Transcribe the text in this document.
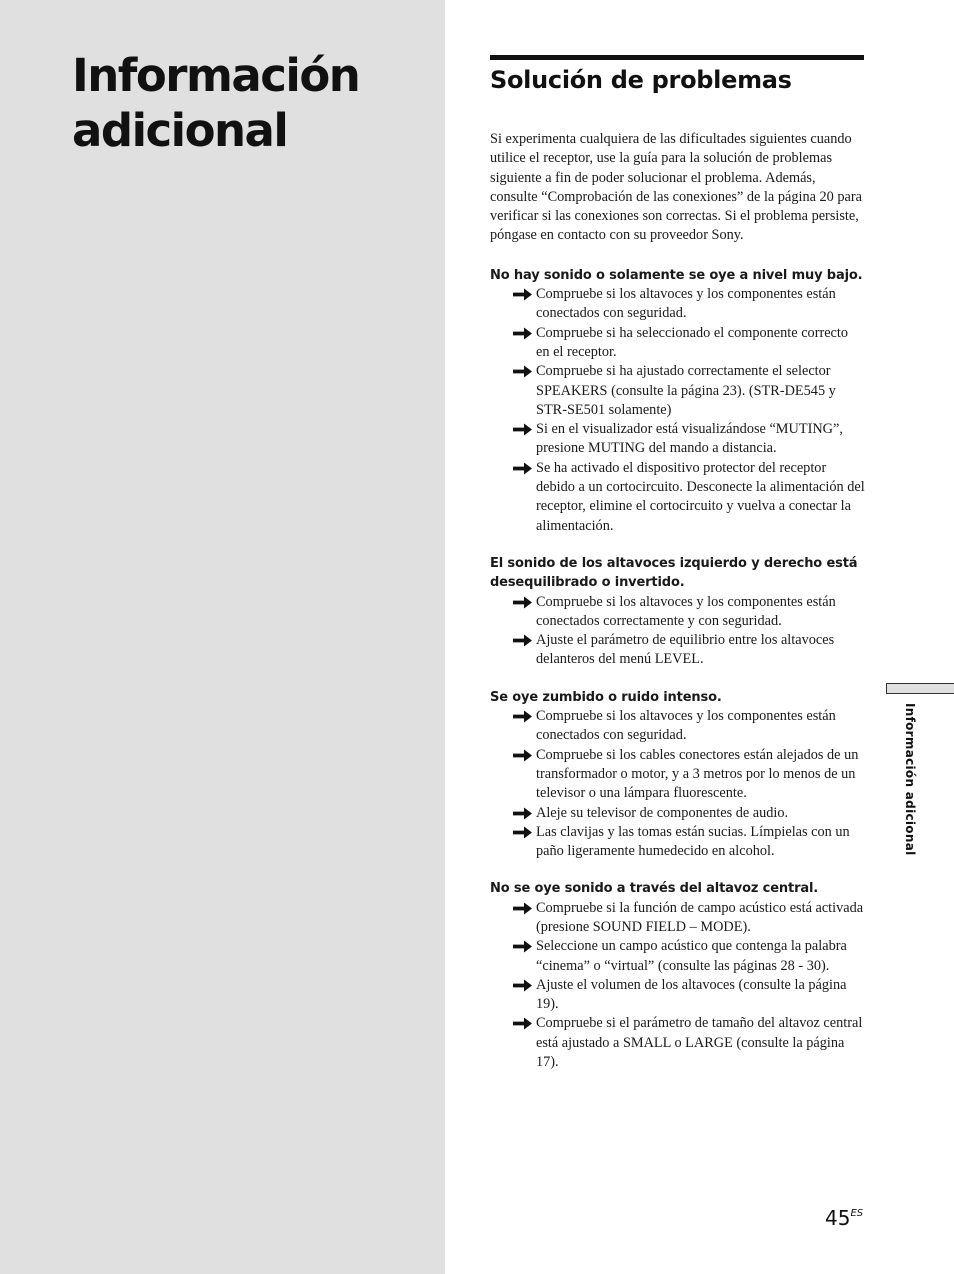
Información
adicional
Solución de problemas

Si experimenta cualquiera de las dificultades siguientes cuando utilice el receptor, use la guía para la solución de problemas siguiente a fin de poder solucionar el problema. Además, consulte “Comprobación de las conexiones” de la página 20 para verificar si las conexiones son correctas. Si el problema persiste, póngase en contacto con su proveedor Sony.

No hay sonido o solamente se oye a nivel muy bajo.

Compruebe si los altavoces y los componentes están conectados con seguridad.
Compruebe si ha seleccionado el componente correcto en el receptor.
Compruebe si ha ajustado correctamente el selector SPEAKERS (consulte la página 23). (STR-DE545 y STR-SE501 solamente)
Si en el visualizador está visualizándose “MUTING”, presione MUTING del mando a distancia.
Se ha activado el dispositivo protector del receptor debido a un cortocircuito. Desconecte la alimentación del receptor, elimine el cortocircuito y vuelva a conectar la alimentación.

El sonido de los altavoces izquierdo y derecho está desequilibrado o invertido.

Compruebe si los altavoces y los componentes están conectados correctamente y con seguridad.
Ajuste el parámetro de equilibrio entre los altavoces delanteros del menú LEVEL.

Se oye zumbido o ruido intenso.

Compruebe si los altavoces y los componentes están conectados con seguridad.
Compruebe si los cables conectores están alejados de un transformador o motor, y a 3 metros por lo menos de un televisor o una lámpara fluorescente.
Aleje su televisor de componentes de audio.
Las clavijas y las tomas están sucias. Límpielas con un paño ligeramente humedecido en alcohol.

No se oye sonido a través del altavoz central.

Compruebe si la función de campo acústico está activada (presione SOUND FIELD – MODE).
Seleccione un campo acústico que contenga la palabra “cinema” o “virtual” (consulte las páginas 28 - 30).
Ajuste el volumen de los altavoces (consulte la página 19).
Compruebe si el parámetro de tamaño del altavoz central está ajustado a SMALL o LARGE (consulte la página 17).
Información adicional
$45^{ES}$
